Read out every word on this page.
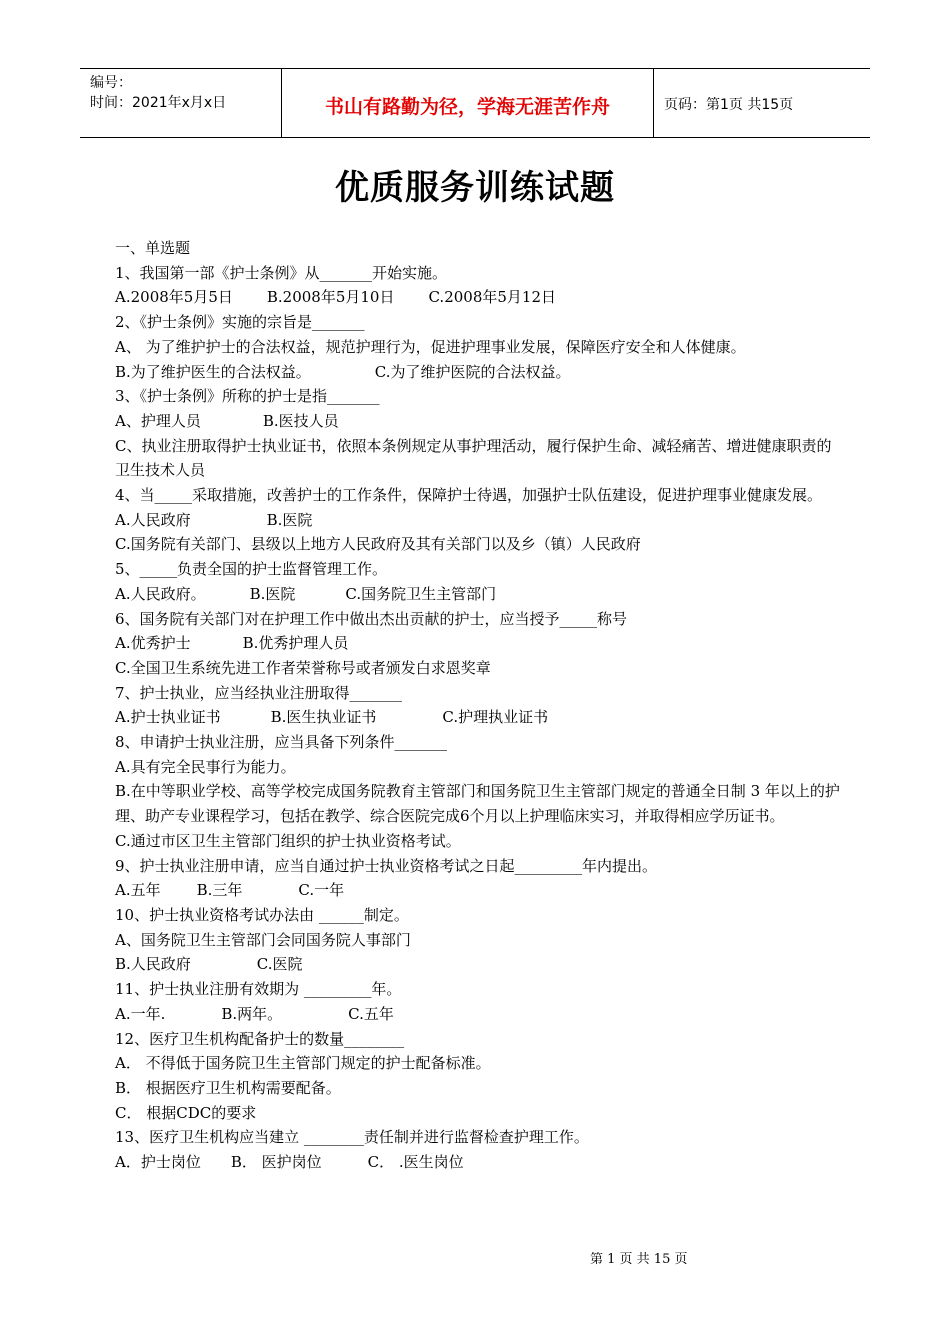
编号：
时间：2021年x月x日	书山有路勤为径，学海无涯苦作舟	页码：第1页 共15页
优质服务训练试题
一、单选题
1、我国第一部《护士条例》从_______开始实施。
A.2008年5月5日 B.2008年5月10日 C.2008年5月12日
2、《护士条例》实施的宗旨是_______
A、 为了维护护士的合法权益，规范护理行为，促进护理事业发展，保障医疗安全和人体健康。
B.为了维护医生的合法权益。	C.为了维护医院的合法权益。
3、《护士条例》所称的护士是指_______
A、护理人员	B.医技人员
C、执业注册取得护士执业证书，依照本条例规定从事护理活动，履行保护生命、减轻痛苦、增进健康职责的卫生技术人员
4、当_____采取措施，改善护士的工作条件，保障护士待遇，加强护士队伍建设，促进护理事业健康发展。
A.人民政府	B.医院
C.国务院有关部门、县级以上地方人民政府及其有关部门以及乡（镇）人民政府
5、_____负责全国的护士监督管理工作。
A.人民政府。	B.医院	C.国务院卫生主管部门
6、国务院有关部门对在护理工作中做出杰出贡献的护士，应当授予_____称号
A.优秀护士	B.优秀护理人员
C.全国卫生系统先进工作者荣誉称号或者颁发白求恩奖章
7、护士执业，应当经执业注册取得_______
A.护士执业证书	B.医生执业证书	C.护理执业证书
8、申请护士执业注册，应当具备下列条件_______
A.具有完全民事行为能力。
B.在中等职业学校、高等学校完成国务院教育主管部门和国务院卫生主管部门规定的普通全日制 3 年以上的护理、助产专业课程学习，包括在教学、综合医院完成6个月以上护理临床实习，并取得相应学历证书。
C.通过市区卫生主管部门组织的护士执业资格考试。
9、护士执业注册申请，应当自通过护士执业资格考试之日起_________年内提出。
A.五年 B.三年	C.一年
10、护士执业资格考试办法由 ______制定。
A、国务院卫生主管部门会同国务院人事部门
B.人民政府	C.医院
11、护士执业注册有效期为 _________年。
A.一年.	B.两年。	C.五年
12、医疗卫生机构配备护士的数量________
A． 不得低于国务院卫生主管部门规定的护士配备标准。
B． 根据医疗卫生机构需要配备。
C． 根据CDC的要求
13、医疗卫生机构应当建立 ________责任制并进行监督检查护理工作。
A．护士岗位 B． 医护岗位	C． .医生岗位
第 1 页 共 15 页
